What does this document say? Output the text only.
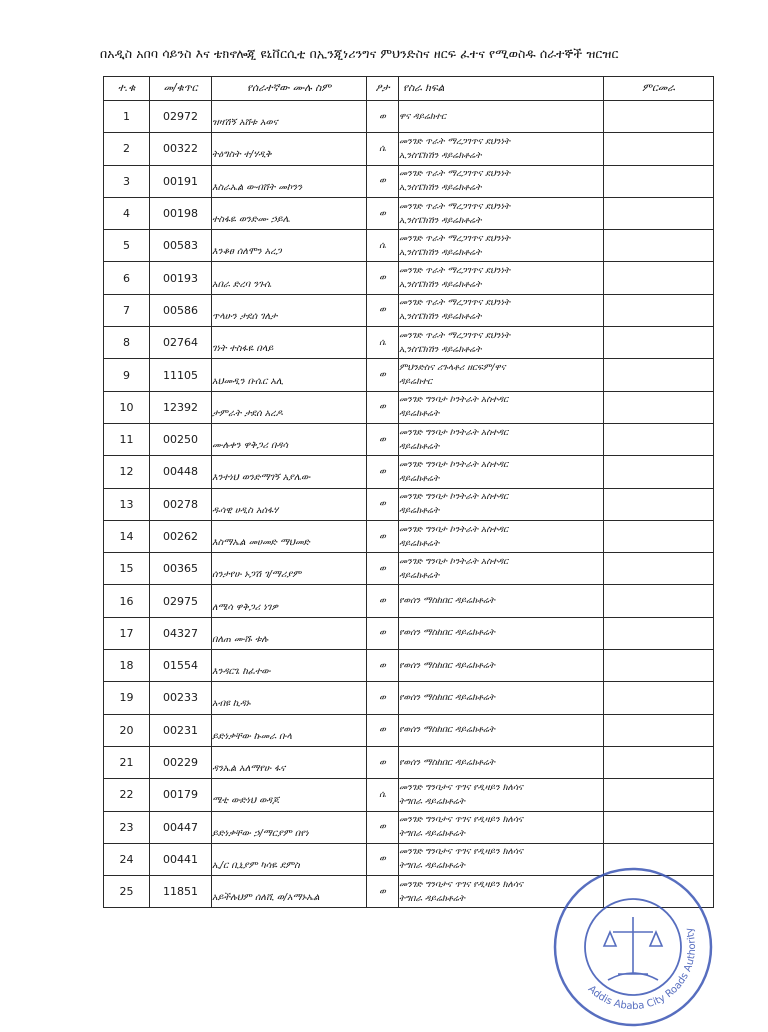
በአዲስ አበባ ሳይንስ እና ቴክኖሎጂ ዩኒቨርሲቲ በኢንጂነሪንግና ምህንድስና ዘርፍ ፈተና የሚወስዱ ሰራተኞች ዝርዝር
ተ.ቁ	መ/ቁጥር	የሰራተኛው ሙሉ ስም	ፆታ	የስራ ክፍል	ምርመራ
1	02972	ዝዛሽኝ አሸቱ አወና	ወ	ዋና ዳይሬክተር	

2	00322	ትዕግስት ተ/ሃዲቅ	ሴ	መንገድ ጥራት ማረጋገጥና ደህንነት
ኢንስፔክሽን ዳይሬክቶሬት	

3	00191	እስራኤል ውብሸት መኮንን	ወ	መንገድ ጥራት ማረጋገጥና ደህንነት
ኢንስፔክሽን ዳይሬክቶሬት	

4	00198	ተስፋዬ ወንድሙ ኃይሌ	ወ	መንገድ ጥራት ማረጋገጥና ደህንነት
ኢንስፔክሽን ዳይሬክቶሬት	

5	00583	እንቆፀ ሰለሞን አረጋ	ሴ	መንገድ ጥራት ማረጋገጥና ደህንነት
ኢንስፔክሽን ዳይሬክቶሬት	

6	00193	አበራ ድረባ ንጉሴ	ወ	መንገድ ጥራት ማረጋገጥና ደህንነት
ኢንስፔክሽን ዳይሬክቶሬት	

7	00586	ጥላሁን ታደሰ ገለታ	ወ	መንገድ ጥራት ማረጋገጥና ደህንነት
ኢንስፔክሽን ዳይሬክቶሬት	

8	02764	ገነት ተስፋዬ በላይ	ሴ	መንገድ ጥራት ማረጋገጥና ደህንነት
ኢንስፔክሽን ዳይሬክቶሬት	

9	11105	አህመዲን ቡሴር አሊ	ወ	ምህንድስና ሪጉላቶሪ ዘርፍም/ዋና
ዳይሬክተር	

10	12392	ታምራት ታደሰ አረዶ	ወ	መንገድ ግንባታ ኮንትራት አስተዳር
ዳይሬክቶሬት	

11	00250	ሙሉቀን ዋቅጋሪ በዳሳ	ወ	መንገድ ግንባታ ኮንትራት አስተዳር
ዳይሬክቶሬት	

12	00448	እንተነህ ወንድማገኝ አያሌው	ወ	መንገድ ግንባታ ኮንትራት አስተዳር
ዳይሬክቶሬት	

13	00278	ዱሳዊ ሀዲስ አሰፋሃ	ወ	መንገድ ግንባታ ኮንትራት አስተዳር
ዳይሬክቶሬት	

14	00262	እስማኤል መሀመድ ማህመድ	ወ	መንገድ ግንባታ ኮንትራት አስተዳር
ዳይሬክቶሬት	

15	00365	ሰንታየሁ ኑጋሽ ገ/ማሪያም	ወ	መንገድ ግንባታ ኮንትራት አስተዳር
ዳይሬክቶሬት	

16	02975	ለሜሳ ዋቅጋሪ ነገዎ	ወ	የወሰን ማስከበር ዳይሬክቶሬት	

17	04327	በለጠ ሙሹ ቱሉ	ወ	የወሰን ማስከበር ዳይሬክቶሬት	

18	01554	እንዳርጌ ከፈተው	ወ	የወሰን ማስከበር ዳይሬክቶሬት	

19	00233	አብዩ ኪዳኑ	ወ	የወሰን ማስከበር ዳይሬክቶሬት	

20	00231	ይድነቃቸው ኩመራ ቡላ	ወ	የወሰን ማስከበር ዳይሬክቶሬት	

21	00229	ዳንኤል አለማየሁ ፋና	ወ	የወሰን ማስከበር ዳይሬክቶሬት	

22	00179	ሜቲ ውድነህ ወዳጆ	ሴ	መንገድ ግንባታና ጥገና የዲዛይን ክለሳና
ትግበራ ዳይሬክቶሬት	

23	00447	ይድነቃቸው ኃ/ማርያም በየነ	ወ	መንገድ ግንባታና ጥገና የዲዛይን ክለሳና
ትግበራ ዳይሬክቶሬት	

24	00441	ኢ/ር ቢኒያም ካሳዬ ደምስ	ወ	መንገድ ግንባታና ጥገና የዲዛይን ክለሳና
ትግበራ ዳይሬክቶሬት	

25	11851	አይችሉህም ሰለሺ ወ/አማኑኤል	ወ	መንገድ ግንባታና ጥገና የዲዛይን ክለሳና
ትግበራ ዳይሬክቶሬት	

Addis Ababa City Roads Authority
